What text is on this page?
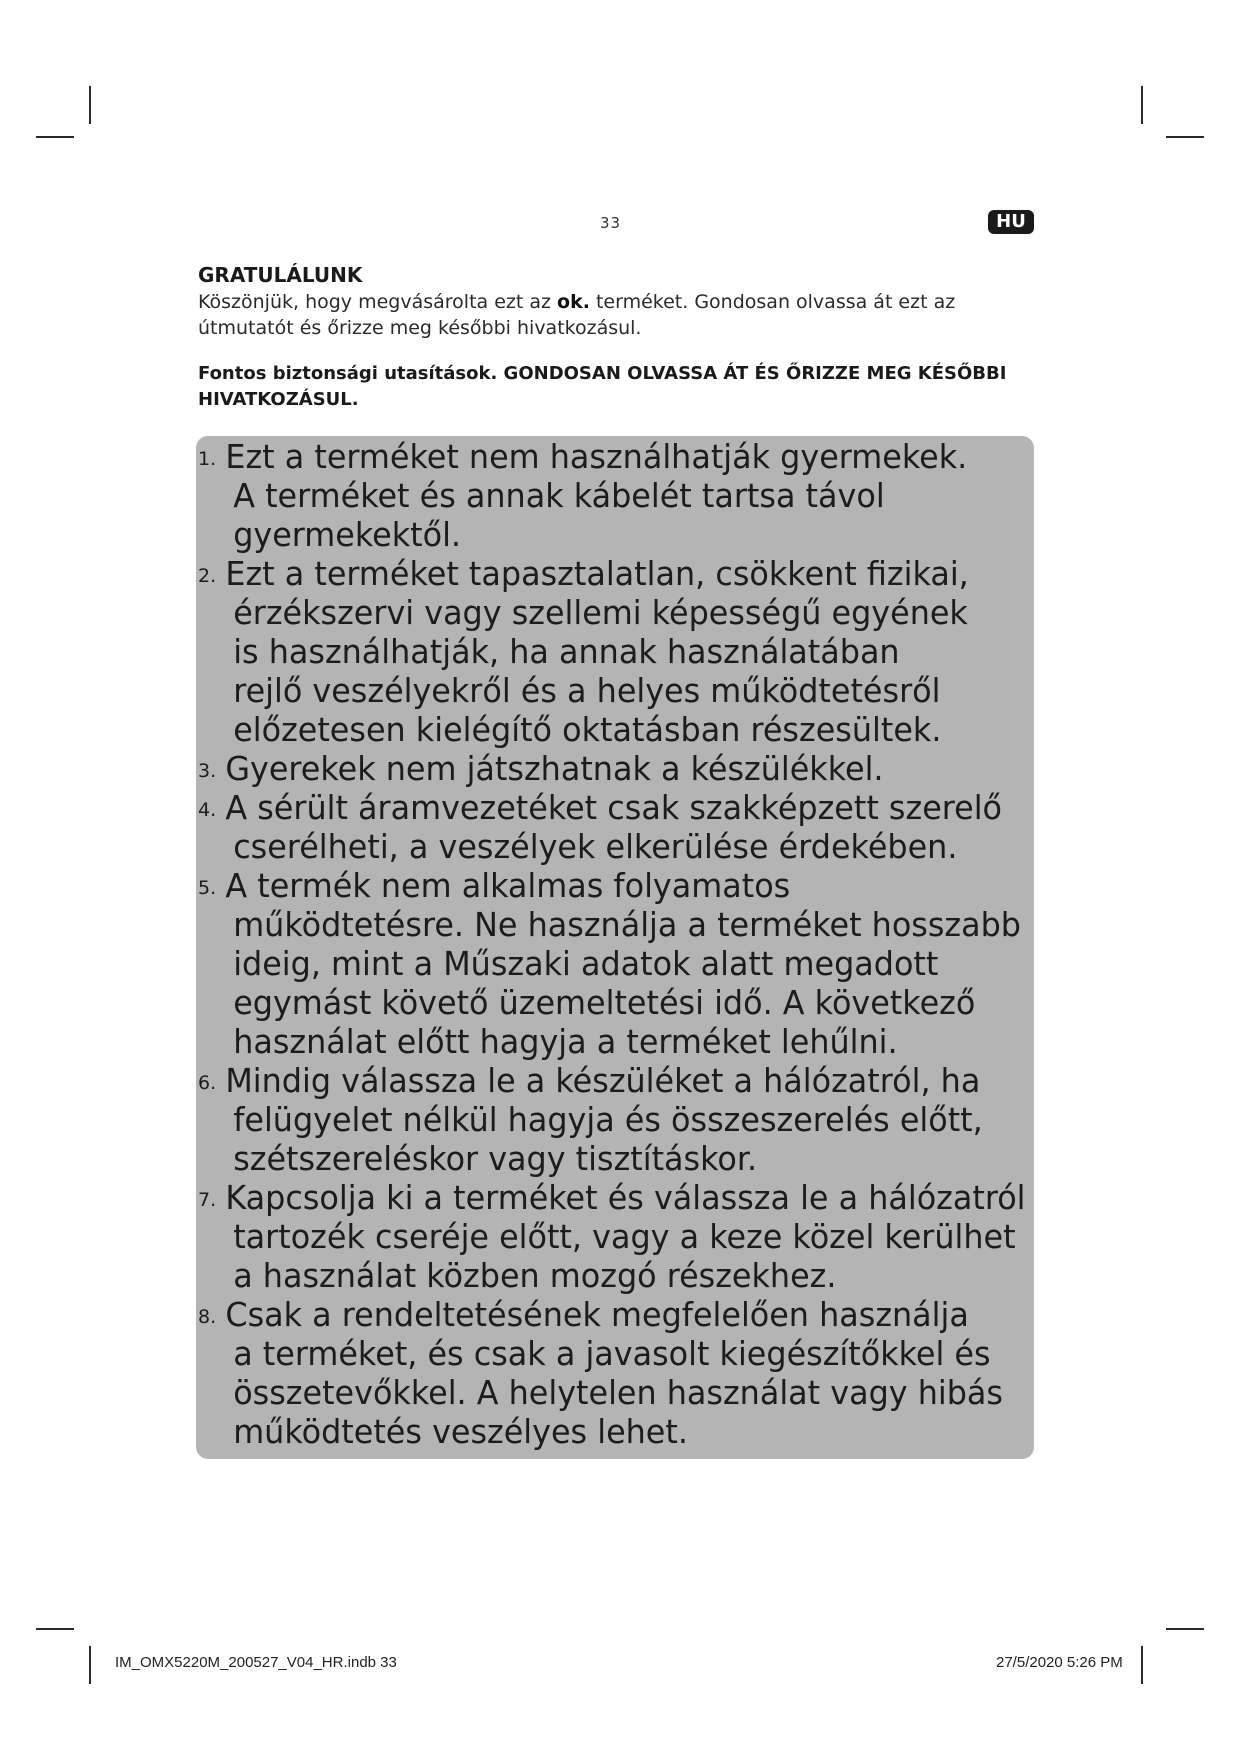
33	HU
GRATULÁLUNK
Köszönjük, hogy megvásárolta ezt az ok. terméket. Gondosan olvassa át ezt az
útmutatót és őrizze meg későbbi hivatkozásul.
Fontos biztonsági utasítások. GONDOSAN OLVASSA ÁT ÉS ŐRIZZE MEG KÉSŐBBI
HIVATKOZÁSUL.
1. Ezt a terméket nem használhatják gyermekek.
A terméket és annak kábelét tartsa távol
gyermekektől.
2. Ezt a terméket tapasztalatlan, csökkent fizikai,
érzékszervi vagy szellemi képességű egyének
is használhatják, ha annak használatában
rejlő veszélyekről és a helyes működtetésről
előzetesen kielégítő oktatásban részesültek.
3. Gyerekek nem játszhatnak a készülékkel.
4. A sérült áramvezetéket csak szakképzett szerelő
cserélheti, a veszélyek elkerülése érdekében.
5. A termék nem alkalmas folyamatos
működtetésre. Ne használja a terméket hosszabb
ideig, mint a Műszaki adatok alatt megadott
egymást követő üzemeltetési idő. A következő
használat előtt hagyja a terméket lehűlni.
6. Mindig válassza le a készüléket a hálózatról, ha
felügyelet nélkül hagyja és összeszerelés előtt,
szétszereléskor vagy tisztításkor.
7. Kapcsolja ki a terméket és válassza le a hálózatról
tartozék cseréje előtt, vagy a keze közel kerülhet
a használat közben mozgó részekhez.
8. Csak a rendeltetésének megfelelően használja
a terméket, és csak a javasolt kiegészítőkkel és
összetevőkkel. A helytelen használat vagy hibás
működtetés veszélyes lehet.
IM_OMX5220M_200527_V04_HR.indb 33	27/5/2020 5:26 PM
